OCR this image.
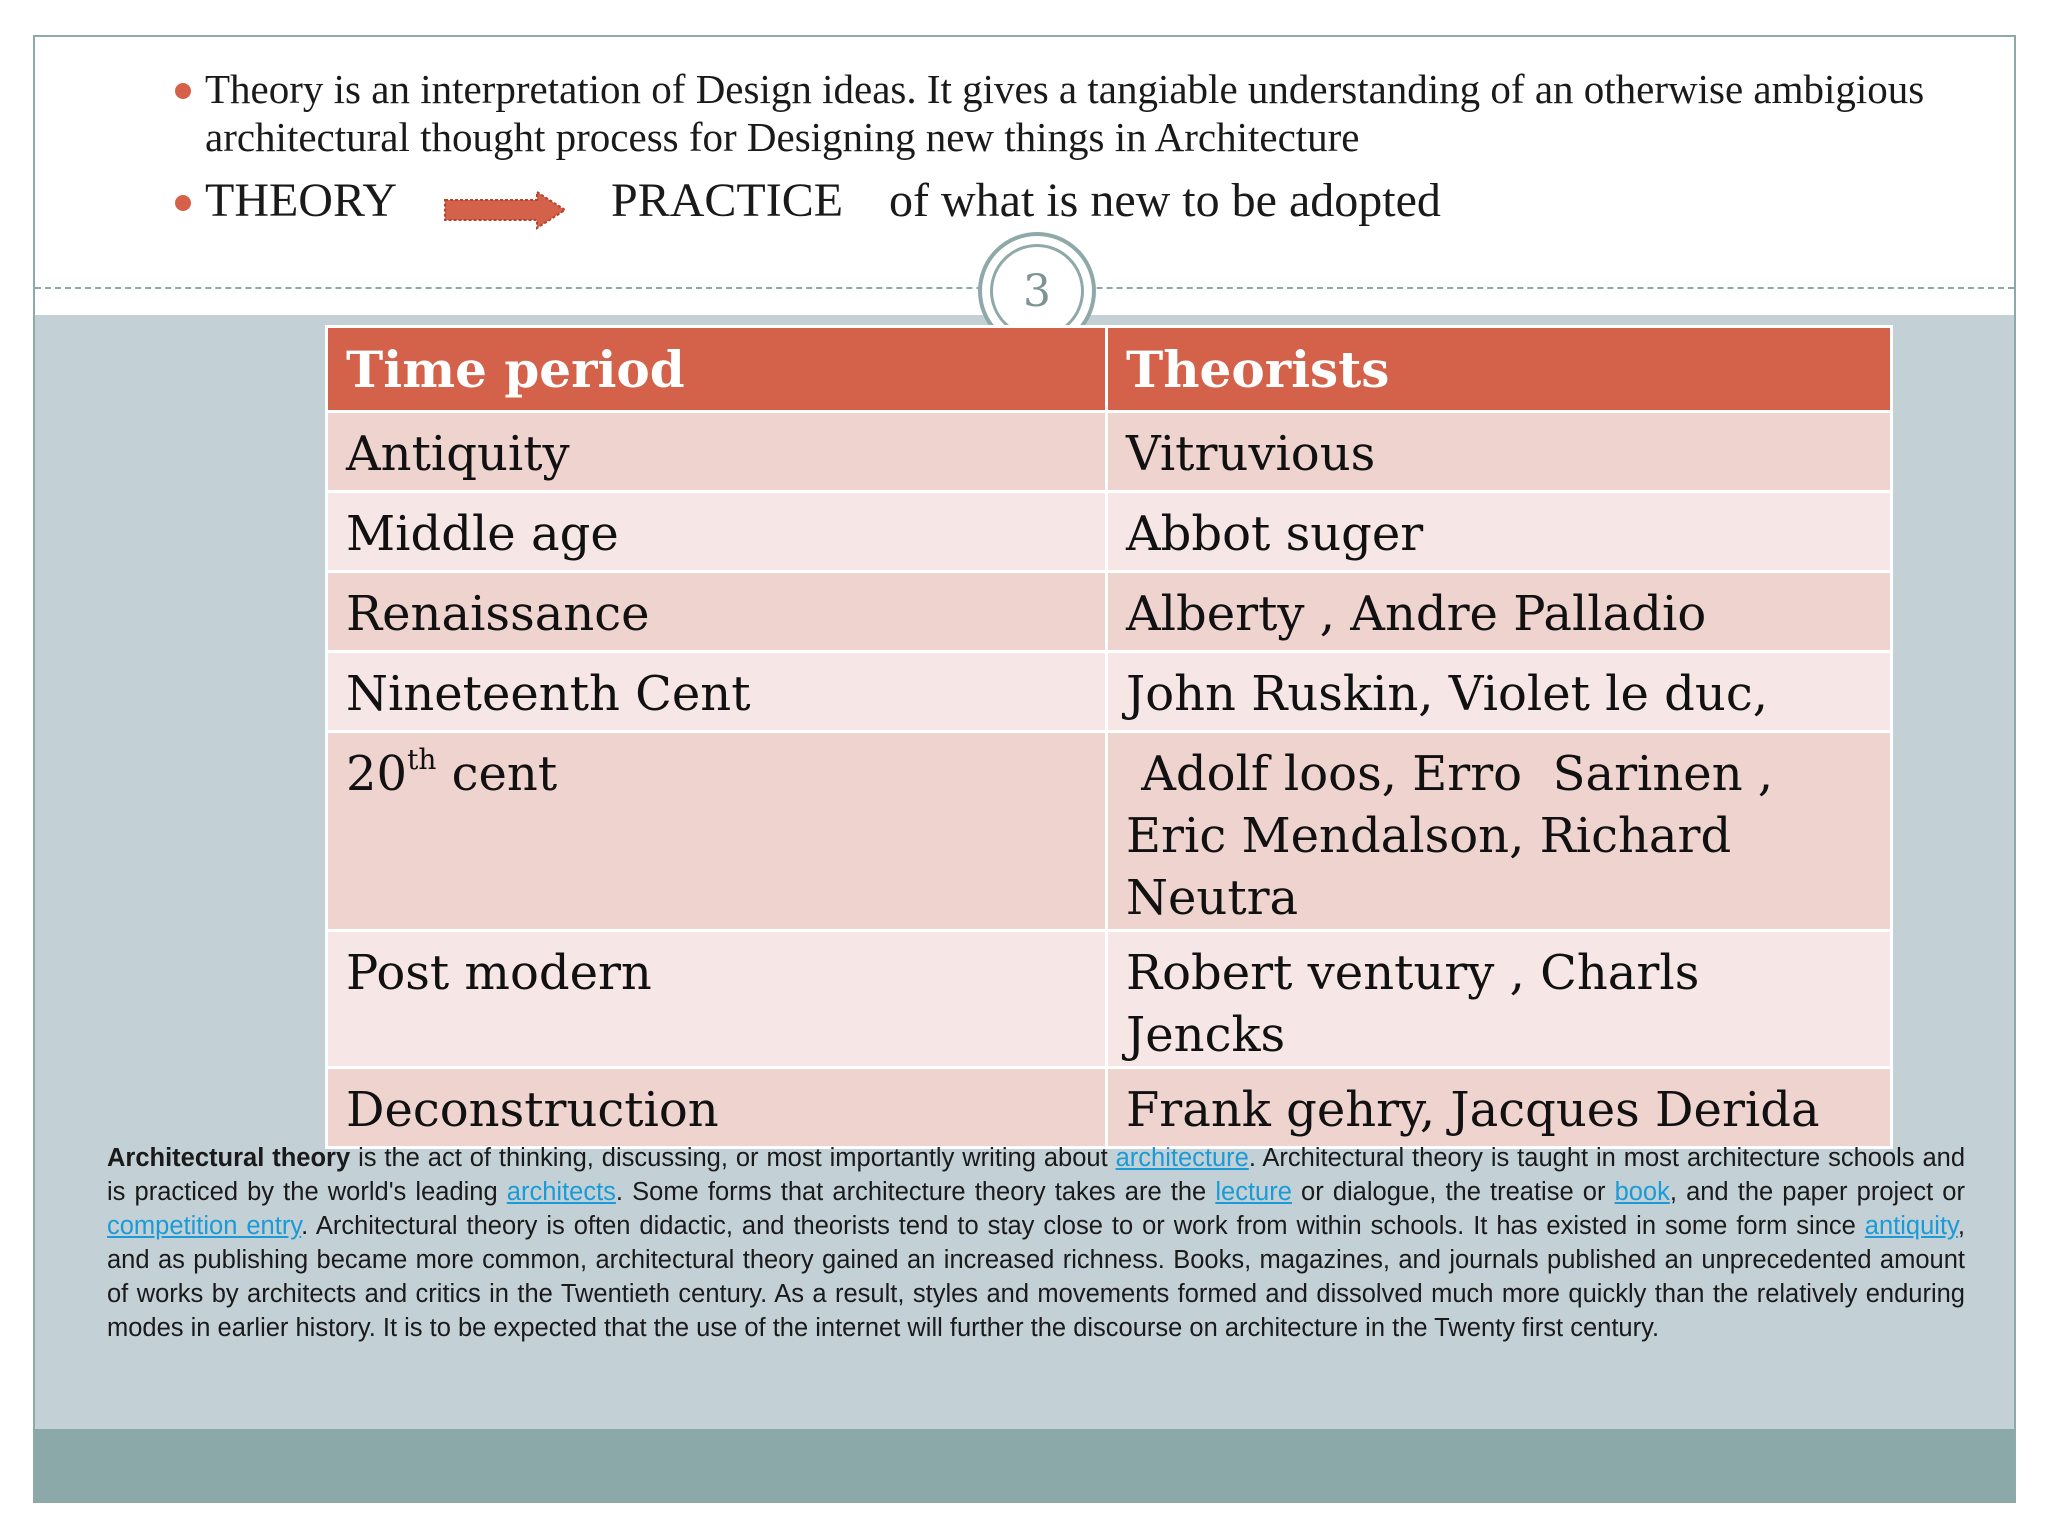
Theory is an interpretation of Design ideas. It gives a tangiable understanding of an otherwise ambigious architectural thought process for Designing new things in Architecture
THEORY	PRACTICE of what is new to be adopted
3
Time period	Theorists
Antiquity	Vitruvious
Middle age	Abbot suger
Renaissance	Alberty , Andre Palladio
Nineteenth Cent	John Ruskin, Violet le duc,
20th cent	Adolf loos, Erro  Sarinen , Eric Mendalson, Richard Neutra
Post modern	Robert ventury , Charls Jencks
Deconstruction	Frank gehry, Jacques Derida
Architectural theory is the act of thinking, discussing, or most importantly writing about architecture. Architectural theory is taught in most architecture schools and is practiced by the world's leading architects. Some forms that architecture theory takes are the lecture or dialogue, the treatise or book, and the paper project or competition entry. Architectural theory is often didactic, and theorists tend to stay close to or work from within schools. It has existed in some form since antiquity, and as publishing became more common, architectural theory gained an increased richness. Books, magazines, and journals published an unprecedented amount of works by architects and critics in the Twentieth century. As a result, styles and movements formed and dissolved much more quickly than the relatively enduring modes in earlier history. It is to be expected that the use of the internet will further the discourse on architecture in the Twenty first century.
